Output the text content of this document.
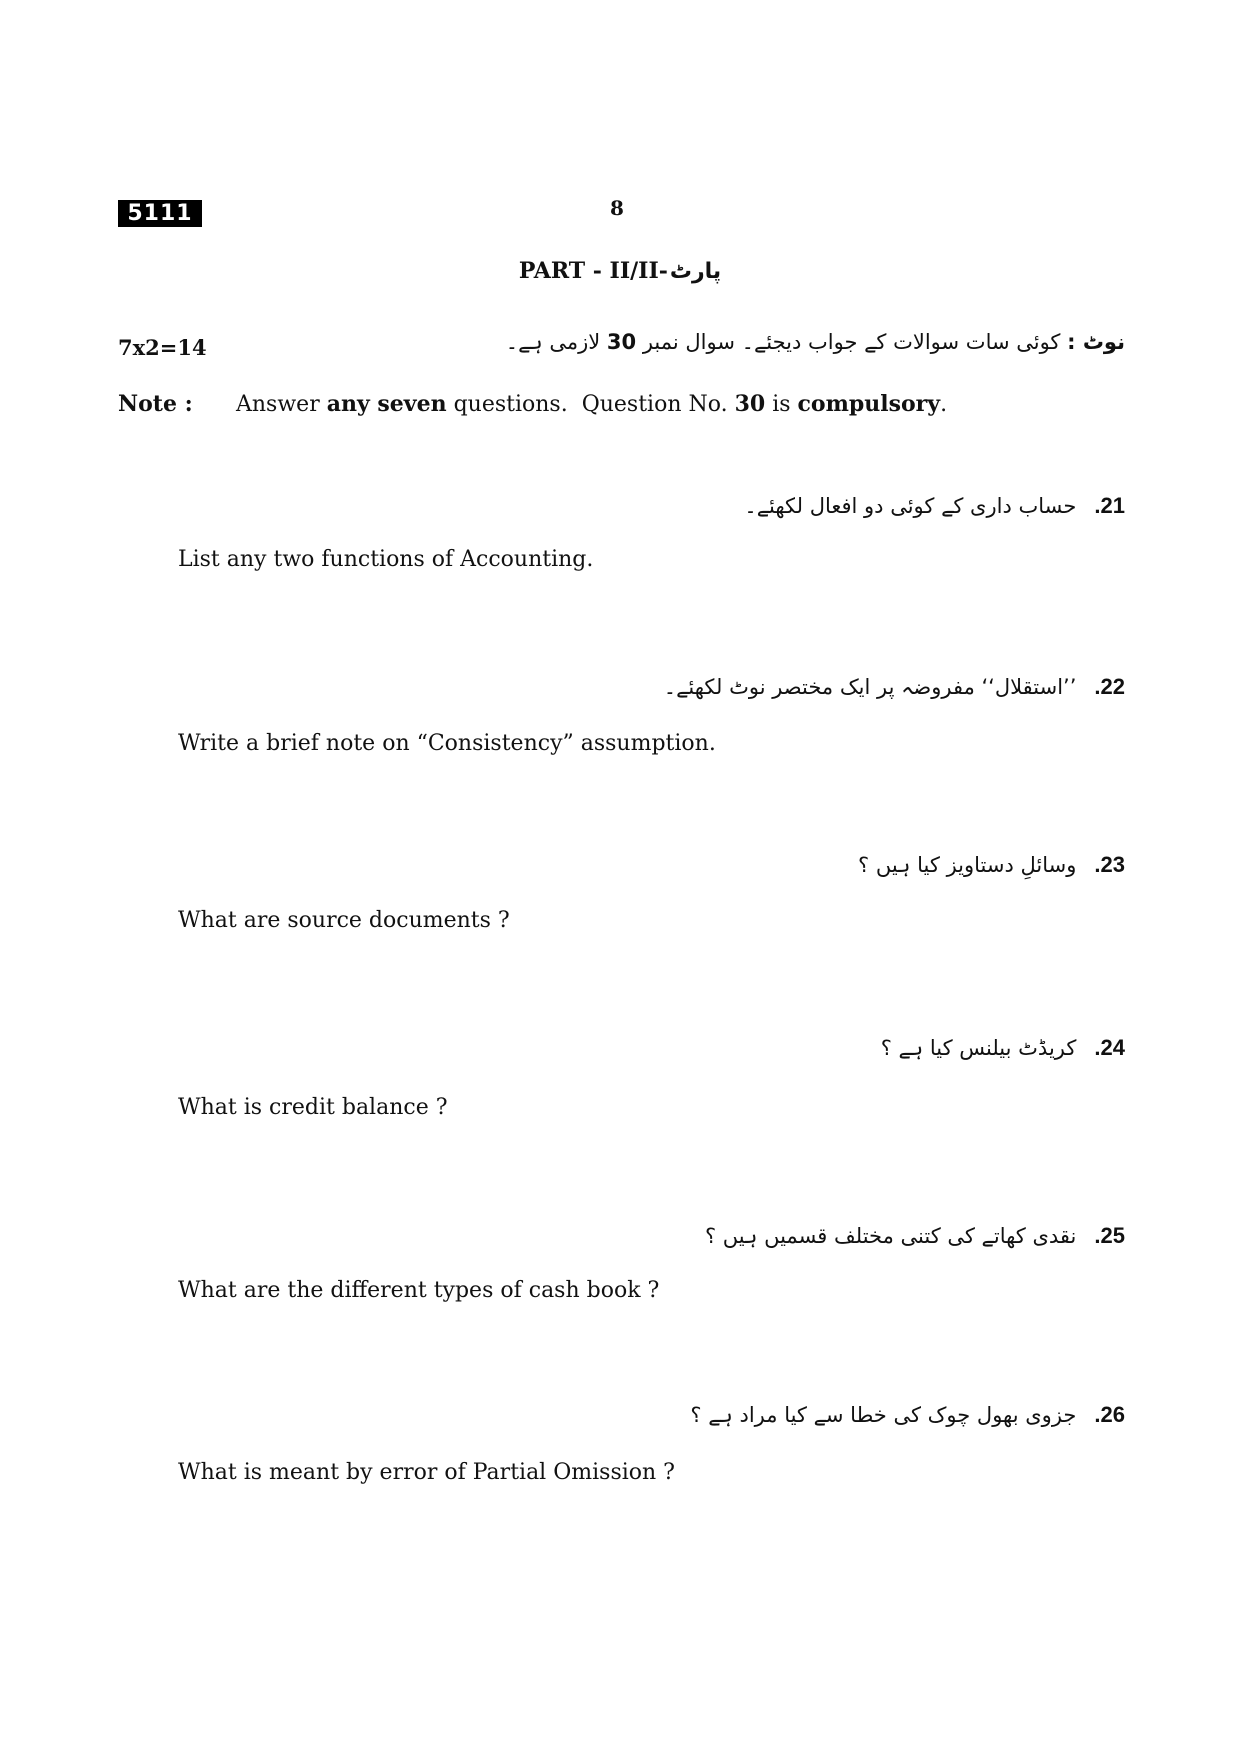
5111	8
PART - II/II-پارٹ
7x2=14	نوٹ : کوئی سات سوالات کے جواب دیجئے۔ سوال نمبر 30 لازمی ہے۔
Note : Answer any seven questions.  Question No. 30 is compulsory.
21.حساب داری کے کوئی دو افعال لکھئے۔
List any two functions of Accounting.
22.’’استقلال‘‘ مفروضہ پر ایک مختصر نوٹ لکھئے۔
Write a brief note on “Consistency” assumption.
23.وسائلِ دستاویز کیا ہیں ؟
What are source documents ?
24.کریڈٹ بیلنس کیا ہے ؟
What is credit balance ?
25.نقدی کھاتے کی کتنی مختلف قسمیں ہیں ؟
What are the different types of cash book ?
26.جزوی بھول چوک کی خطا سے کیا مراد ہے ؟
What is meant by error of Partial Omission ?
